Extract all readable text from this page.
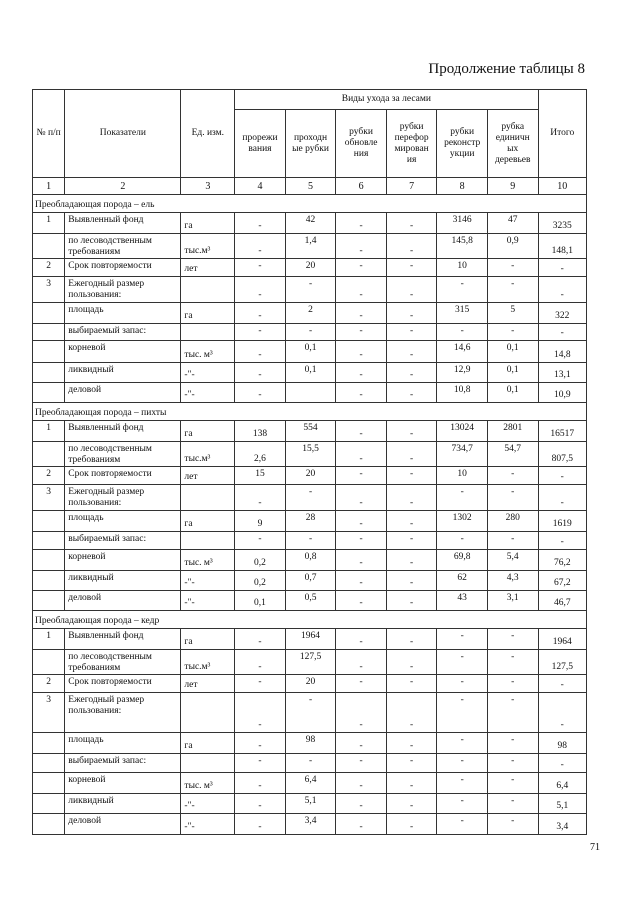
Продолжение таблицы 8
№ п/п	Показатели	Ед. изм.	Виды ухода за лесами						Итого
			прорежи вания	проходн ые рубки	рубки обновле ния	рубки перефор мирован ия	рубки реконстр укции	рубка единичн ых деревьев	
1	2	3	4	5	6	7	8	9	10
Преобладающая порода – ель									
1	Выявленный фонд	га	-	42	-	-	3146	47	3235
	по лесоводственным требованиям	тыс.м³	-	1,4	-	-	145,8	0,9	148,1
2	Срок повторяемости	лет	-	20	-	-	10	-	-
3	Ежегодный размер пользования:		-	-	-	-	-	-	-
	площадь	га	-	2	-	-	315	5	322
	выбираемый запас:		-	-	-	-	-	-	-
	корневой	тыс. м³	-	0,1	-	-	14,6	0,1	14,8
	ликвидный	-"-	-	0,1	-	-	12,9	0,1	13,1
	деловой	-"-	-		-	-	10,8	0,1	10,9
Преобладающая порода – пихты									
1	Выявленный фонд	га	138	554	-	-	13024	2801	16517
	по лесоводственным требованиям	тыс.м³	2,6	15,5	-	-	734,7	54,7	807,5
2	Срок повторяемости	лет	15	20	-	-	10	-	-
3	Ежегодный размер пользования:		-	-	-	-	-	-	-
	площадь	га	9	28	-	-	1302	280	1619
	выбираемый запас:		-	-	-	-	-	-	-
	корневой	тыс. м³	0,2	0,8	-	-	69,8	5,4	76,2
	ликвидный	-"-	0,2	0,7	-	-	62	4,3	67,2
	деловой	-"-	0,1	0,5	-	-	43	3,1	46,7
Преобладающая порода – кедр									
1	Выявленный фонд	га	-	1964	-	-	-	-	1964
	по лесоводственным требованиям	тыс.м³	-	127,5	-	-	-	-	127,5
2	Срок повторяемости	лет	-	20	-	-	-	-	-
3	Ежегодный размер пользования:		-	-	-	-	-	-	-
	площадь	га	-	98	-	-	-	-	98
	выбираемый запас:		-	-	-	-	-	-	-
	корневой	тыс. м³	-	6,4	-	-	-	-	6,4
	ликвидный	-"-	-	5,1	-	-	-	-	5,1
	деловой	-"-	-	3,4	-	-	-	-	3,4
71
